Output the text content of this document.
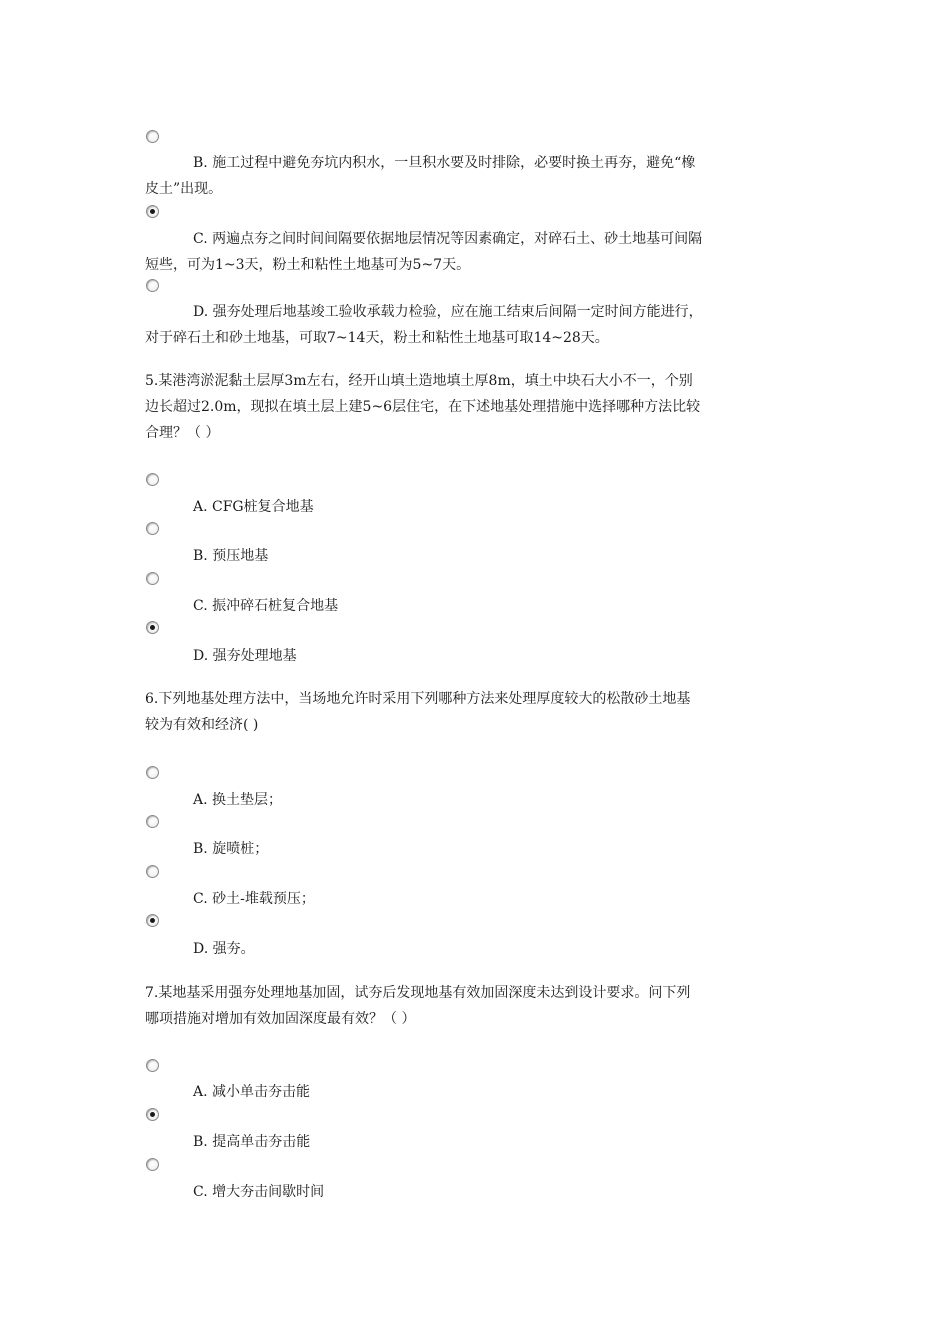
B. 施工过程中避免夯坑内积水，一旦积水要及时排除，必要时换土再夯，避免“橡
皮土”出现。
C. 两遍点夯之间时间间隔要依据地层情况等因素确定，对碎石土、砂土地基可间隔
短些，可为1~3天，粉土和粘性土地基可为5~7天。
D. 强夯处理后地基竣工验收承载力检验，应在施工结束后间隔一定时间方能进行，
对于碎石土和砂土地基，可取7~14天，粉土和粘性土地基可取14~28天。
5.某港湾淤泥黏土层厚3m左右，经开山填土造地填土厚8m，填土中块石大小不一，个别
边长超过2.0m，现拟在填土层上建5~6层住宅，在下述地基处理措施中选择哪种方法比较
合理？（ ）
A. CFG桩复合地基
B. 预压地基
C. 振冲碎石桩复合地基
D. 强夯处理地基
6.下列地基处理方法中，当场地允许时采用下列哪种方法来处理厚度较大的松散砂土地基
较为有效和经济( )
A. 换土垫层；
B. 旋喷桩；
C. 砂土-堆载预压；
D. 强夯。
7.某地基采用强夯处理地基加固，试夯后发现地基有效加固深度未达到设计要求。问下列
哪项措施对增加有效加固深度最有效？（ ）
A. 减小单击夯击能
B. 提高单击夯击能
C. 增大夯击间歇时间
